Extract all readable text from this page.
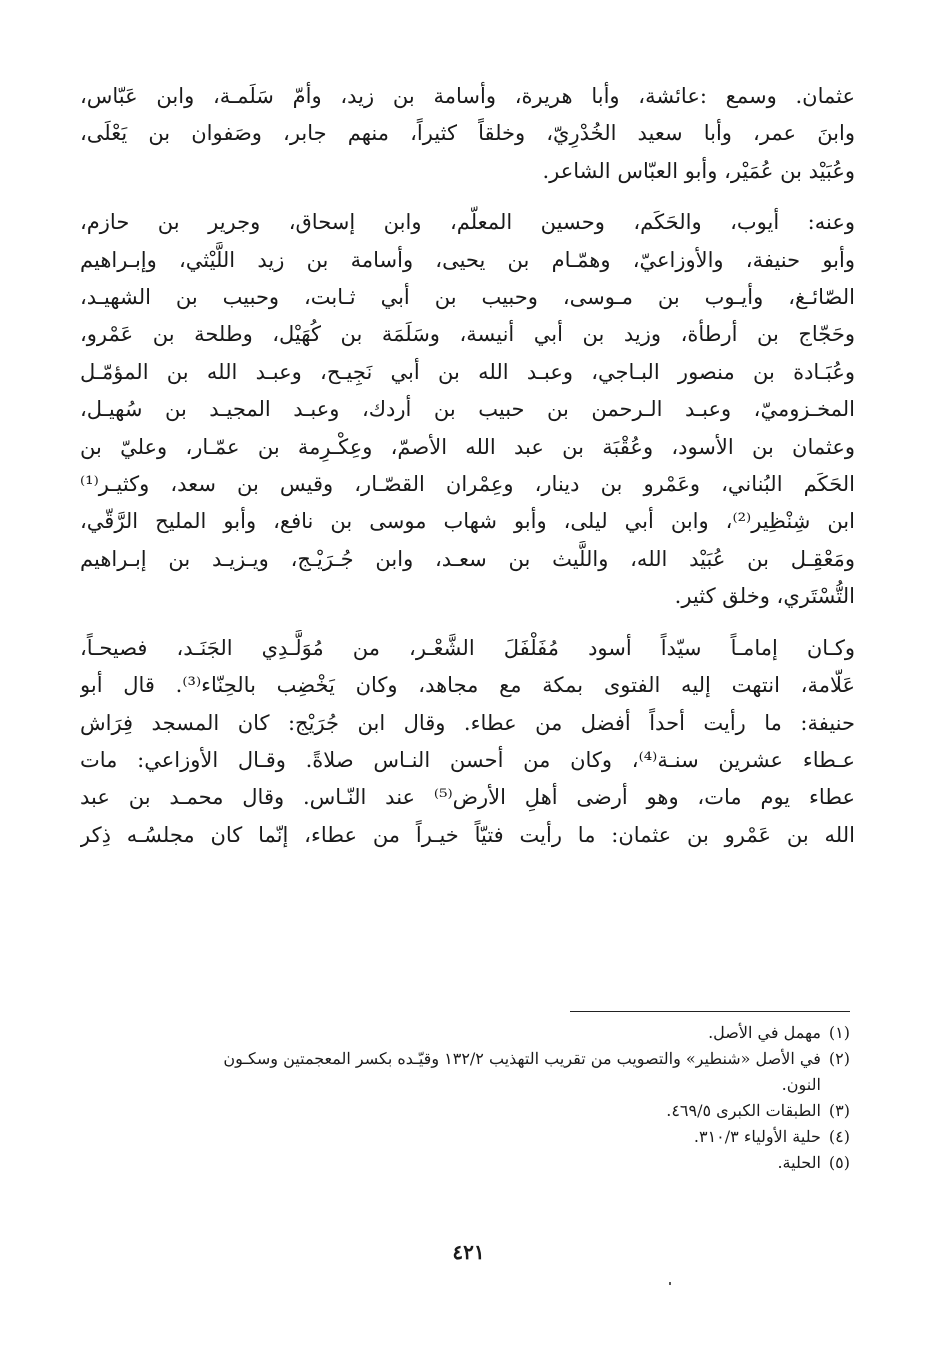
عثمان. وسمع :عائشة، وأبا هريرة، وأسامة بن زيد، وأمّ سَلَمـة، وابن عَبّاس،
وابنَ عمر، وأبا سعيد الخُدْرِيّ، وخلقاً كثيراً، منهم جابر، وصَفوان بن يَعْلَى،
وعُبَيْد بن عُمَيْر، وأبو العبّاس الشاعر.

وعنه: أيوب، والحَكَم، وحسين المعلّم، وابن إسحاق، وجرير بن حازم،
وأبو حنيفة، والأوزاعيّ، وهمّـام بن يحيى، وأسامة بن زيد اللَّيْثي، وإبـراهيم
الصّائـغ، وأيـوب بن مـوسى، وحبيب بن أبي ثـابت، وحبيب بن الشهيـد،
وحَجّاج بن أرطأة، وزيد بن أبي أنيسة، وسَلَمَة بن كُهَيْل، وطلحة بن عَمْرو،
وعُبَـادة بن منصور البـاجي، وعبـد الله بن أبي نَجِيـح، وعبـد الله بن المؤمّـل
المخـزوميّ، وعبـد الـرحمن بن حبيب بن أردك، وعبـد المجيـد بن سُهيـل،
وعثمان بن الأسود، وعُقْبَة بن عبد الله الأصمّ، وعِكْـرِمة بن عمّـار، وعليّ بن
الحَكَم البُناني، وعَمْرو بن دينار، وعِمْران القصّـار، وقيس بن سعد، وكثيـر⁽¹⁾
ابن شِنْظِير⁽²⁾، وابن أبي ليلى، وأبو شهاب موسى بن نافع، وأبو المليح الرَّقّي،
ومَعْقِـل بن عُبَيْد الله، واللَّيث بن سعـد، وابن جُـرَيْـج، ويـزيـد بن إبـراهيم
التُّسْتَري، وخلق كثير.

وكـان إمامـاً سيّداً أسود مُفَلْفَلَ الشَّعْـر، من مُوَلَّـدِي الجَنَـد، فصيحـاً،
عَلّامة، انتهت إليه الفتوى بمكة مع مجاهد، وكان يَخْضِب بالحِنّاء⁽³⁾. قال أبو
حنيفة: ما رأيت أحداً أفضل من عطاء. وقال ابن جُرَيْج: كان المسجد فِرَاش
عـطاء عشرين سنـة⁽⁴⁾، وكان من أحسن النـاس صلاةً. وقـال الأوزاعي: مات
عطاء يوم مات، وهو أرضى أهلِ الأرض⁽⁵⁾ عند النّـاس. وقال محمـد بن عبد
الله بن عَمْرو بن عثمان: ما رأيت فتيّاً خيـراً من عطاء، إنّما كان مجلسُـه ذِكر

(١)
مهمل في الأصل.
(٢)
في الأصل «شنطير» والتصويب من تقريب التهذيب ١٣٢/٢ وقيّـده بكسر المعجمتين وسكـون
النون.
(٣)
الطبقات الكبرى ٤٦٩/٥.
(٤)
حلية الأولياء ٣١٠/٣.
(٥)
الحلية.
٤٢١
